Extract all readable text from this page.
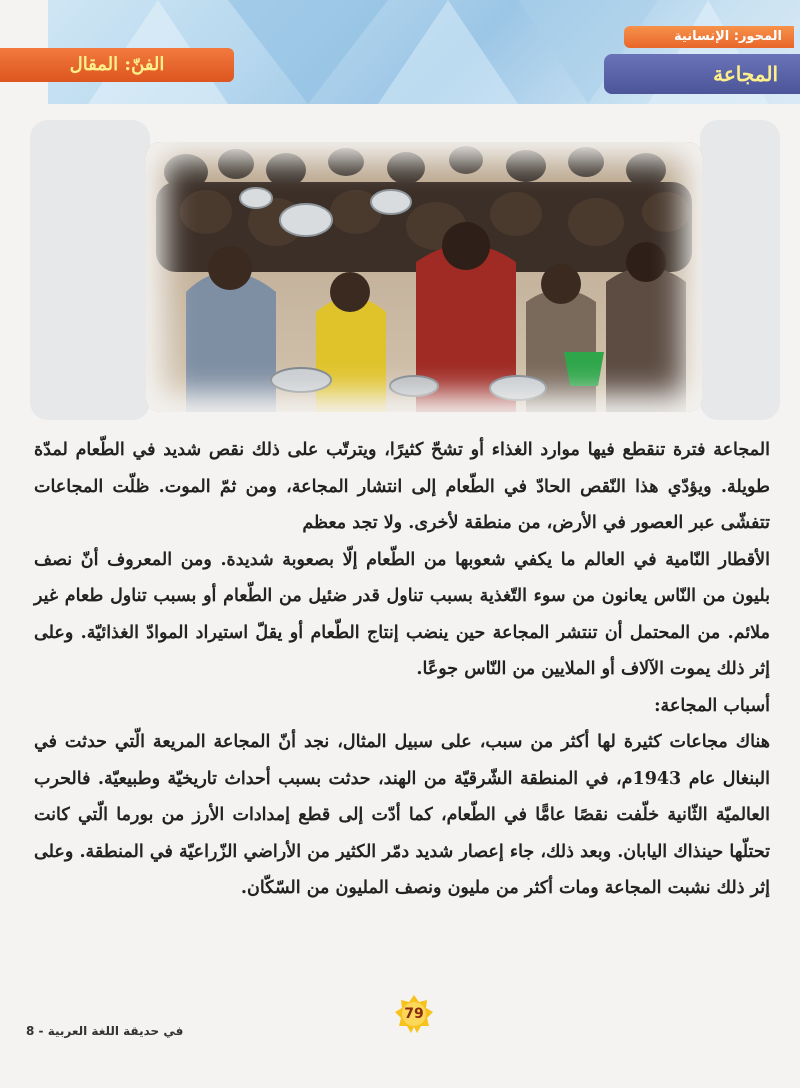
المحور: الإنسانية
المجاعة
الفنّ: المقال

المجاعة فترة تنقطع فيها موارد الغذاء أو تشحّ كثيرًا، ويترتّب على ذلك نقص شديد في الطّعام لمدّة طويلة. ويؤدّي هذا النّقص الحادّ في الطّعام إلى انتشار المجاعة، ومن ثمّ الموت. ظلّت المجاعات تتفشّى عبر العصور في الأرض، من منطقة لأخرى. ولا تجد معظم

الأقطار النّامية في العالم ما يكفي شعوبها من الطّعام إلّا بصعوبة شديدة. ومن المعروف أنّ نصف بليون من النّاس يعانون من سوء التّغذية بسبب تناول قدر ضئيل من الطّعام أو بسبب تناول طعام غير ملائم. من المحتمل أن تنتشر المجاعة حين ينضب إنتاج الطّعام أو يقلّ استيراد الموادّ الغذائيّة. وعلى إثر ذلك يموت الآلاف أو الملايين من النّاس جوعًا.

أسباب المجاعة:

هناك مجاعات كثيرة لها أكثر من سبب، على سبيل المثال، نجد أنّ المجاعة المريعة الّتي حدثت في البنغال عام 1943م، في المنطقة الشّرقيّة من الهند، حدثت بسبب أحداث تاريخيّة وطبيعيّة. فالحرب العالميّة الثّانية خلّفت نقصًا عامًّا في الطّعام، كما أدّت إلى قطع إمدادات الأرز من بورما الّتي كانت تحتلّها حينذاك اليابان. وبعد ذلك، جاء إعصار شديد دمّر الكثير من الأراضي الزّراعيّة في المنطقة. وعلى إثر ذلك نشبت المجاعة ومات أكثر من مليون ونصف المليون من السّكّان.

79
في حديقة اللغة العربية - 8
